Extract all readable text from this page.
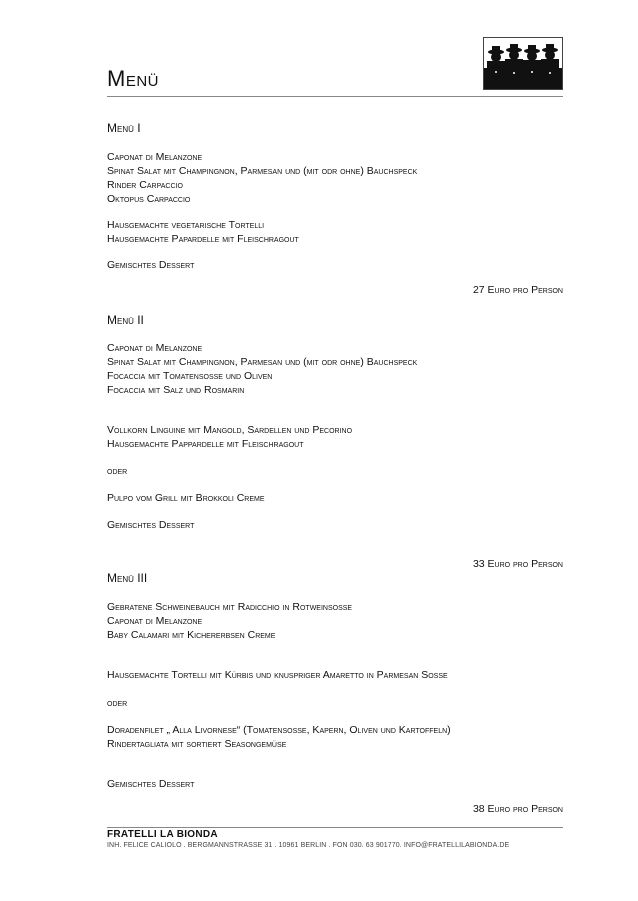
Menü
Menü I
Caponat di Melanzone
Spinat Salat mit Champingnon, Parmesan und (mit odr ohne) Bauchspeck
Rinder Carpaccio
Oktopus Carpaccio
Hausgemachte vegetarische Tortelli
Hausgemachte Papardelle mit Fleischragout
Gemischtes Dessert
27 Euro pro Person
Menü II
Caponat di Melanzone
Spinat Salat mit Champingnon, Parmesan und (mit odr ohne) Bauchspeck
Focaccia mit Tomatensoße und Oliven
Focaccia mit Salz und Rosmarin
Vollkorn Linguine mit Mangold, Sardellen und Pecorino
Hausgemachte Pappardelle mit Fleischragout
oder
Pulpo vom Grill mit Brokkoli Creme
Gemischtes Dessert
33 Euro pro Person
Menü III
Gebratene Schweinebauch mit Radicchio in Rotweinsoße
Caponat di Melanzone
Baby Calamari mit Kichererbsen Creme
Hausgemachte Tortelli mit Kürbis und knuspriger Amaretto in Parmesan Soße
oder
Doradenfilet „ Alla Livornese“ (Tomatensoße, Kapern, Oliven und Kartoffeln)
Rindertagliata mit sortiert Seasongemüse
Gemischtes Dessert
38 Euro pro Person
FRATELLI LA BIONDA
INH. FELICE CALIOLO . BERGMANNSTRASSE 31 . 10961 BERLIN . FON 030. 63 901770. INFO@FRATELLILABIONDA.DE
